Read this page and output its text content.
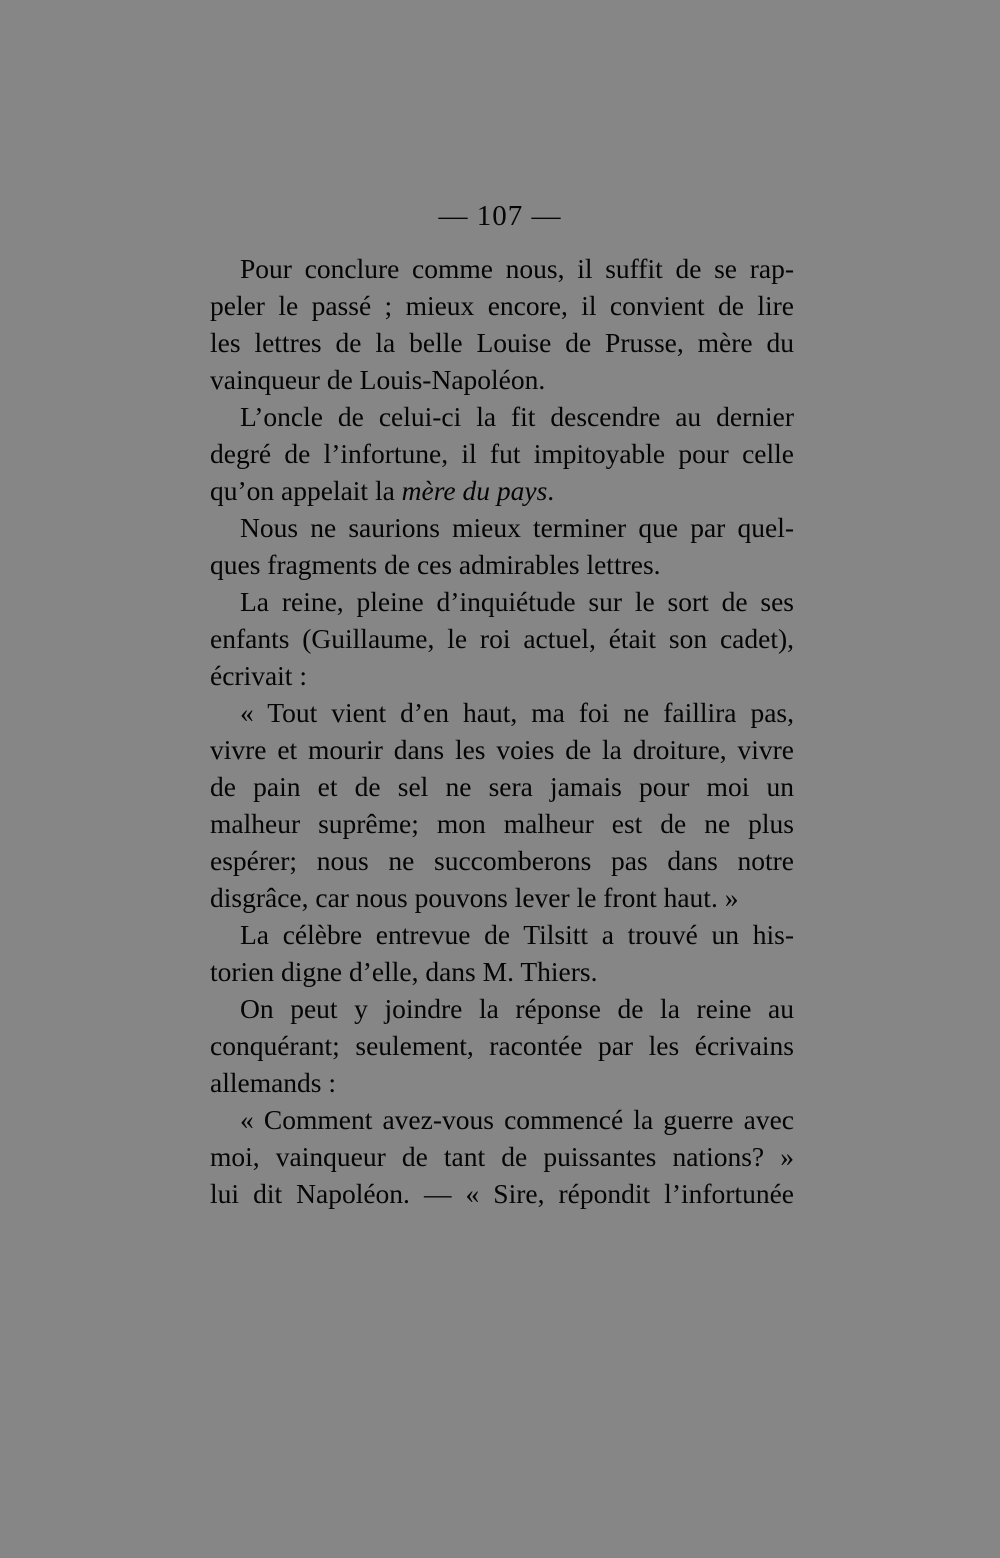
— 107 —
Pour conclure comme nous, il suffit de se rap-
peler le passé ; mieux encore, il convient de lire
les lettres de la belle Louise de Prusse, mère du
vainqueur de Louis-Napoléon.
L’oncle de celui-ci la fit descendre au dernier
degré de l’infortune, il fut impitoyable pour celle
qu’on appelait la mère du pays.
Nous ne saurions mieux terminer que par quel-
ques fragments de ces admirables lettres.
La reine, pleine d’inquiétude sur le sort de ses
enfants (Guillaume, le roi actuel, était son cadet),
écrivait :
« Tout vient d’en haut, ma foi ne faillira pas,
vivre et mourir dans les voies de la droiture, vivre
de pain et de sel ne sera jamais pour moi un
malheur suprême; mon malheur est de ne plus
espérer; nous ne succomberons pas dans notre
disgrâce, car nous pouvons lever le front haut. »
La célèbre entrevue de Tilsitt a trouvé un his-
torien digne d’elle, dans M. Thiers.
On peut y joindre la réponse de la reine au
conquérant; seulement, racontée par les écrivains
allemands :
« Comment avez-vous commencé la guerre avec
moi, vainqueur de tant de puissantes nations? »
lui dit Napoléon. — « Sire, répondit l’infortunée
